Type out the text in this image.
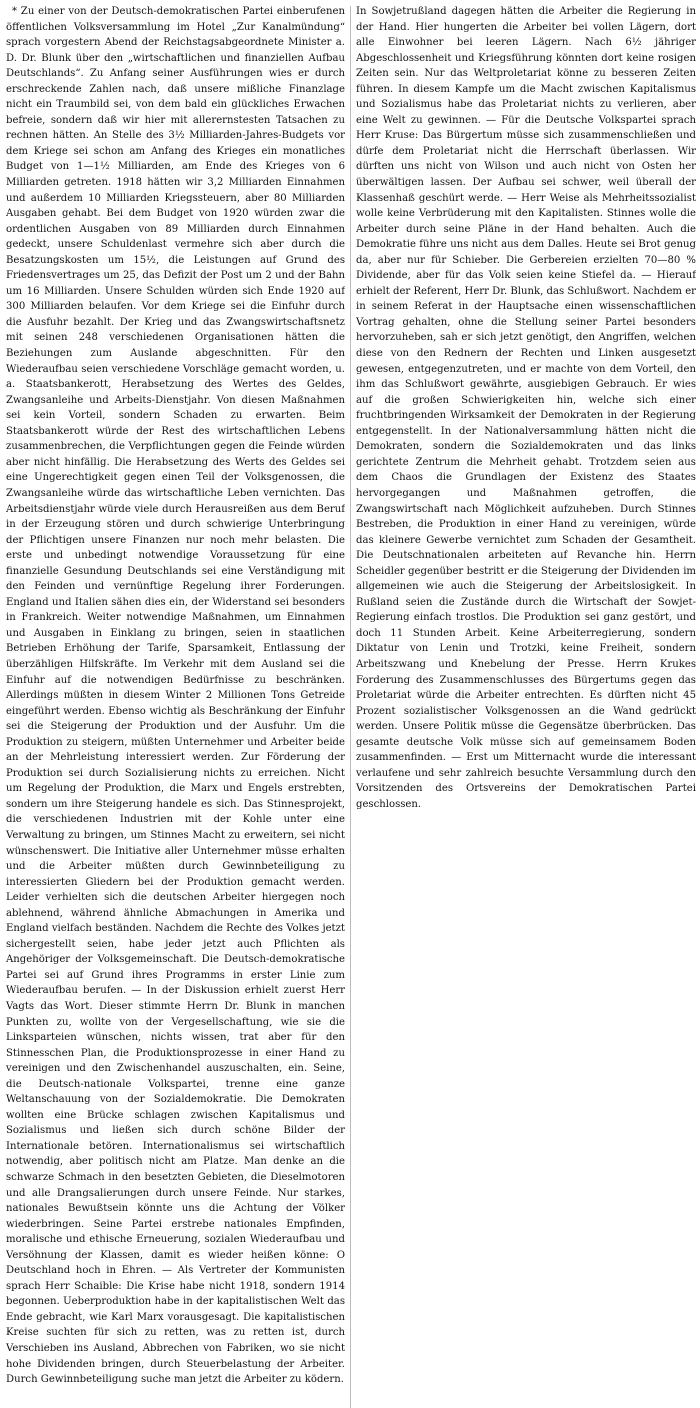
* Zu einer von der Deutsch-demokratischen Partei einberufenen öffentlichen Volksversammlung im Hotel „Zur Kanalmündung“ sprach vorgestern Abend der Reichstagsabgeordnete Minister a. D. Dr. Blunk über den „wirtschaftlichen und finanziellen Aufbau Deutschlands“. Zu Anfang seiner Ausführungen wies er durch erschreckende Zahlen nach, daß unsere mißliche Finanzlage nicht ein Traumbild sei, von dem bald ein glückliches Erwachen befreie, sondern daß wir hier mit allerernstesten Tatsachen zu rechnen hätten. An Stelle des 3½ Milliarden-Jahres-Budgets vor dem Kriege sei schon am Anfang des Krieges ein monatliches Budget von 1—1½ Milliarden, am Ende des Krieges von 6 Milliarden getreten. 1918 hätten wir 3,2 Milliarden Einnahmen und außerdem 10 Milliarden Kriegssteuern, aber 80 Milliarden Ausgaben gehabt. Bei dem Budget von 1920 würden zwar die ordentlichen Ausgaben von 89 Milliarden durch Einnahmen gedeckt, unsere Schuldenlast vermehre sich aber durch die Besatzungskosten um 15½, die Leistungen auf Grund des Friedensvertrages um 25, das Defizit der Post um 2 und der Bahn um 16 Milliarden. Unsere Schulden würden sich Ende 1920 auf 300 Milliarden belaufen. Vor dem Kriege sei die Einfuhr durch die Ausfuhr bezahlt. Der Krieg und das Zwangswirtschaftsnetz mit seinen 248 verschiedenen Organisationen hätten die Beziehungen zum Auslande abgeschnitten. Für den Wiederaufbau seien verschiedene Vorschläge gemacht worden, u. a. Staatsbankerott, Herabsetzung des Wertes des Geldes, Zwangsanleihe und Arbeits-Dienstjahr. Von diesen Maßnahmen sei kein Vorteil, sondern Schaden zu erwarten. Beim Staatsbankerott würde der Rest des wirtschaftlichen Lebens zusammenbrechen, die Verpflichtungen gegen die Feinde würden aber nicht hinfällig. Die Herabsetzung des Werts des Geldes sei eine Ungerechtigkeit gegen einen Teil der Volksgenossen, die Zwangsanleihe würde das wirtschaftliche Leben vernichten. Das Arbeitsdienstjahr würde viele durch Herausreißen aus dem Beruf in der Erzeugung stören und durch schwierige Unterbringung der Pflichtigen unsere Finanzen nur noch mehr belasten. Die erste und unbedingt notwendige Voraussetzung für eine finanzielle Gesundung Deutschlands sei eine Verständigung mit den Feinden und vernünftige Regelung ihrer Forderungen. England und Italien sähen dies ein, der Widerstand sei besonders in Frankreich. Weiter notwendige Maßnahmen, um Einnahmen und Ausgaben in Einklang zu bringen, seien in staatlichen Betrieben Erhöhung der Tarife, Sparsamkeit, Entlassung der überzähligen Hilfskräfte. Im Verkehr mit dem Ausland sei die Einfuhr auf die notwendigen Bedürfnisse zu beschränken. Allerdings müßten in diesem Winter 2 Millionen Tons Getreide eingeführt werden. Ebenso wichtig als Beschränkung der Einfuhr sei die Steigerung der Produktion und der Ausfuhr. Um die Produktion zu steigern, müßten Unternehmer und Arbeiter beide an der Mehrleistung interessiert werden. Zur Förderung der Produktion sei durch Sozialisierung nichts zu erreichen. Nicht um Regelung der Produktion, die Marx und Engels erstrebten, sondern um ihre Steigerung handele es sich. Das Stinnesprojekt, die verschiedenen Industrien mit der Kohle unter eine Verwaltung zu bringen, um Stinnes Macht zu erweitern, sei nicht wünschenswert. Die Initiative aller Unternehmer müsse erhalten und die Arbeiter müßten durch Gewinnbeteiligung zu interessierten Gliedern bei der Produktion gemacht werden. Leider verhielten sich die deutschen Arbeiter hiergegen noch ablehnend, während ähnliche Abmachungen in Amerika und England vielfach beständen. Nachdem die Rechte des Volkes jetzt sichergestellt seien, habe jeder jetzt auch Pflichten als Angehöriger der Volksgemeinschaft. Die Deutsch-demokratische Partei sei auf Grund ihres Programms in erster Linie zum Wiederaufbau berufen. — In der Diskussion erhielt zuerst Herr Vagts das Wort. Dieser stimmte Herrn Dr. Blunk in manchen Punkten zu, wollte von der Vergesellschaftung, wie sie die Linksparteien wünschen, nichts wissen, trat aber für den Stinnesschen Plan, die Produktionsprozesse in einer Hand zu vereinigen und den Zwischenhandel auszuschalten, ein. Seine, die Deutsch-nationale Volkspartei, trenne eine ganze Weltanschauung von der Sozialdemokratie. Die Demokraten wollten eine Brücke schlagen zwischen Kapitalismus und Sozialismus und ließen sich durch schöne Bilder der Internationale betören. Internationalismus sei wirtschaftlich notwendig, aber politisch nicht am Platze. Man denke an die schwarze Schmach in den besetzten Gebieten, die Dieselmotoren und alle Drangsalierungen durch unsere Feinde. Nur starkes, nationales Bewußtsein könnte uns die Achtung der Völker wiederbringen. Seine Partei erstrebe nationales Empfinden, moralische und ethische Erneuerung, sozialen Wiederaufbau und Versöhnung der Klassen, damit es wieder heißen könne: O Deutschland hoch in Ehren. — Als Vertreter der Kommunisten sprach Herr Schaible: Die Krise habe nicht 1918, sondern 1914 begonnen. Ueberproduktion habe in der kapitalistischen Welt das Ende gebracht, wie Karl Marx vorausgesagt. Die kapitalistischen Kreise suchten für sich zu retten, was zu retten ist, durch Verschieben ins Ausland, Abbrechen von Fabriken, wo sie nicht hohe Dividenden bringen, durch Steuerbelastung der Arbeiter. Durch Gewinnbeteiligung suche man jetzt die Arbeiter zu ködern.

In Sowjetrußland dagegen hätten die Arbeiter die Regierung in der Hand. Hier hungerten die Arbeiter bei vollen Lägern, dort alle Einwohner bei leeren Lägern. Nach 6½ jähriger Abgeschlossenheit und Kriegsführung könnten dort keine rosigen Zeiten sein. Nur das Weltproletariat könne zu besseren Zeiten führen. In diesem Kampfe um die Macht zwischen Kapitalismus und Sozialismus habe das Proletariat nichts zu verlieren, aber eine Welt zu gewinnen. — Für die Deutsche Volkspartei sprach Herr Kruse: Das Bürgertum müsse sich zusammenschließen und dürfe dem Proletariat nicht die Herrschaft überlassen. Wir dürften uns nicht von Wilson und auch nicht von Osten her überwältigen lassen. Der Aufbau sei schwer, weil überall der Klassenhaß geschürt werde. — Herr Weise als Mehrheitssozialist wolle keine Verbrüderung mit den Kapitalisten. Stinnes wolle die Arbeiter durch seine Pläne in der Hand behalten. Auch die Demokratie führe uns nicht aus dem Dalles. Heute sei Brot genug da, aber nur für Schieber. Die Gerbereien erzielten 70—80 % Dividende, aber für das Volk seien keine Stiefel da. — Hierauf erhielt der Referent, Herr Dr. Blunk, das Schlußwort. Nachdem er in seinem Referat in der Hauptsache einen wissenschaftlichen Vortrag gehalten, ohne die Stellung seiner Partei besonders hervorzuheben, sah er sich jetzt genötigt, den Angriffen, welchen diese von den Rednern der Rechten und Linken ausgesetzt gewesen, entgegenzutreten, und er machte von dem Vorteil, den ihm das Schlußwort gewährte, ausgiebigen Gebrauch. Er wies auf die großen Schwierigkeiten hin, welche sich einer fruchtbringenden Wirksamkeit der Demokraten in der Regierung entgegenstellt. In der Nationalversammlung hätten nicht die Demokraten, sondern die Sozialdemokraten und das links gerichtete Zentrum die Mehrheit gehabt. Trotzdem seien aus dem Chaos die Grundlagen der Existenz des Staates hervorgegangen und Maßnahmen getroffen, die Zwangswirtschaft nach Möglichkeit aufzuheben. Durch Stinnes Bestreben, die Produktion in einer Hand zu vereinigen, würde das kleinere Gewerbe vernichtet zum Schaden der Gesamtheit. Die Deutschnationalen arbeiteten auf Revanche hin. Herrn Scheidler gegenüber bestritt er die Steigerung der Dividenden im allgemeinen wie auch die Steigerung der Arbeitslosigkeit. In Rußland seien die Zustände durch die Wirtschaft der Sowjet-Regierung einfach trostlos. Die Produktion sei ganz gestört, und doch 11 Stunden Arbeit. Keine Arbeiterregierung, sondern Diktatur von Lenin und Trotzki, keine Freiheit, sondern Arbeitszwang und Knebelung der Presse. Herrn Krukes Forderung des Zusammenschlusses des Bürgertums gegen das Proletariat würde die Arbeiter entrechten. Es dürften nicht 45 Prozent sozialistischer Volksgenossen an die Wand gedrückt werden. Unsere Politik müsse die Gegensätze überbrücken. Das gesamte deutsche Volk müsse sich auf gemeinsamem Boden zusammenfinden. — Erst um Mitternacht wurde die interessant verlaufene und sehr zahlreich besuchte Versammlung durch den Vorsitzenden des Ortsvereins der Demokratischen Partei geschlossen.
